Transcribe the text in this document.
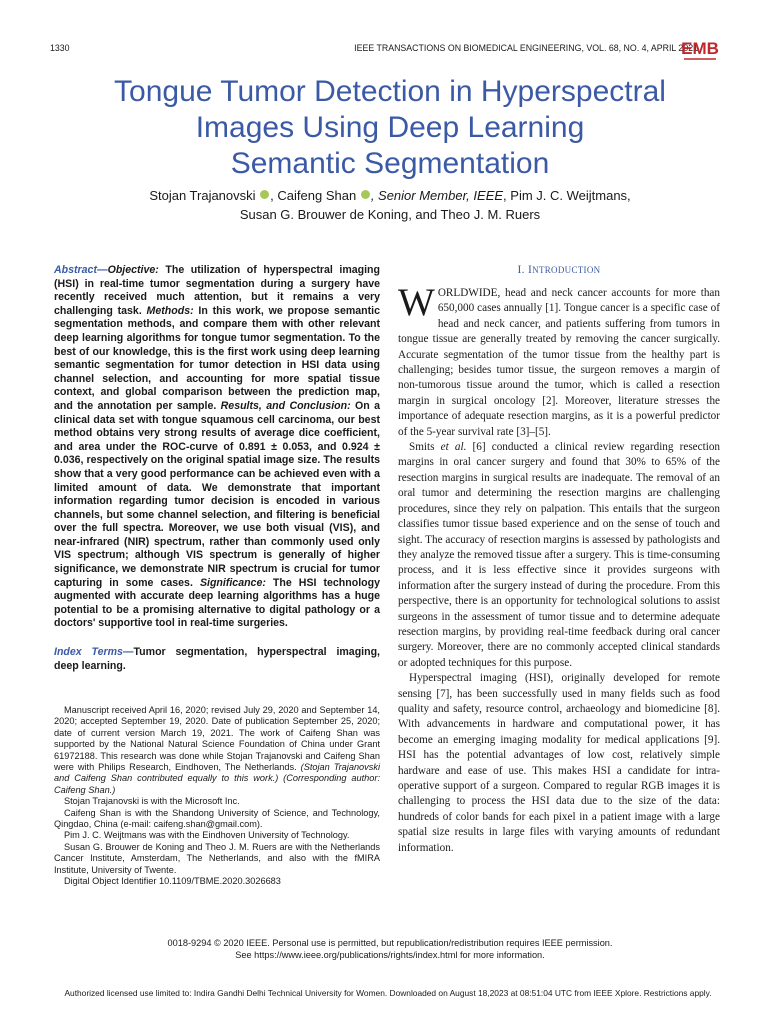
1330	IEEE TRANSACTIONS ON BIOMEDICAL ENGINEERING, VOL. 68, NO. 4, APRIL 2021
EMB
Tongue Tumor Detection in Hyperspectral
Images Using Deep Learning
Semantic Segmentation
Stojan Trajanovski , Caifeng Shan , Senior Member, IEEE, Pim J. C. Weijtmans,
Susan G. Brouwer de Koning, and Theo J. M. Ruers
Abstract—Objective: The utilization of hyperspectral imaging (HSI) in real-time tumor segmentation during a surgery have recently received much attention, but it remains a very challenging task. Methods: In this work, we propose semantic segmentation methods, and compare them with other relevant deep learning algorithms for tongue tumor segmentation. To the best of our knowledge, this is the first work using deep learning semantic segmentation for tumor detection in HSI data using channel selection, and accounting for more spatial tissue context, and global comparison between the prediction map, and the annotation per sample. Results, and Conclusion: On a clinical data set with tongue squamous cell carcinoma, our best method obtains very strong results of average dice coefficient, and area under the ROC-curve of 0.891 ± 0.053, and 0.924 ± 0.036, respectively on the original spatial image size. The results show that a very good performance can be achieved even with a limited amount of data. We demonstrate that important information regarding tumor decision is encoded in various channels, but some channel selection, and filtering is beneficial over the full spectra. Moreover, we use both visual (VIS), and near-infrared (NIR) spectrum, rather than commonly used only VIS spectrum; although VIS spectrum is generally of higher significance, we demonstrate NIR spectrum is crucial for tumor capturing in some cases. Significance: The HSI technology augmented with accurate deep learning algorithms has a huge potential to be a promising alternative to digital pathology or a doctors' supportive tool in real-time surgeries.
Index Terms—Tumor segmentation, hyperspectral imaging, deep learning.

Manuscript received April 16, 2020; revised July 29, 2020 and September 14, 2020; accepted September 19, 2020. Date of publication September 25, 2020; date of current version March 19, 2021. The work of Caifeng Shan was supported by the National Natural Science Foundation of China under Grant 61972188. This research was done while Stojan Trajanovski and Caifeng Shan were with Philips Research, Eindhoven, The Netherlands. (Stojan Trajanovski and Caifeng Shan contributed equally to this work.) (Corresponding author: Caifeng Shan.)

Stojan Trajanovski is with the Microsoft Inc.

Caifeng Shan is with the Shandong University of Science, and Technology, Qingdao, China (e-mail: caifeng.shan@gmail.com).

Pim J. C. Weijtmans was with the Eindhoven University of Technology.

Susan G. Brouwer de Koning and Theo J. M. Ruers are with the Netherlands Cancer Institute, Amsterdam, The Netherlands, and also with the fMIRA Institute, University of Twente.

Digital Object Identifier 10.1109/TBME.2020.3026683

I. INTRODUCTION

WORLDWIDE, head and neck cancer accounts for more than 650,000 cases annually [1]. Tongue cancer is a specific case of head and neck cancer, and patients suffering from tumors in tongue tissue are generally treated by removing the cancer surgically. Accurate segmentation of the tumor tissue from the healthy part is challenging; besides tumor tissue, the surgeon removes a margin of non-tumorous tissue around the tumor, which is called a resection margin in surgical oncology [2]. Moreover, literature stresses the importance of adequate resection margins, as it is a powerful predictor of the 5-year survival rate [3]–[5].

Smits et al. [6] conducted a clinical review regarding resection margins in oral cancer surgery and found that 30% to 65% of the resection margins in surgical results are inadequate. The removal of an oral tumor and determining the resection margins are challenging procedures, since they rely on palpation. This entails that the surgeon classifies tumor tissue based experience and on the sense of touch and sight. The accuracy of resection margins is assessed by pathologists and they analyze the removed tissue after a surgery. This is time-consuming process, and it is less effective since it provides surgeons with information after the surgery instead of during the procedure. From this perspective, there is an opportunity for technological solutions to assist surgeons in the assessment of tumor tissue and to determine adequate resection margins, by providing real-time feedback during oral cancer surgery. Moreover, there are no commonly accepted clinical standards or adopted techniques for this purpose.

Hyperspectral imaging (HSI), originally developed for remote sensing [7], has been successfully used in many fields such as food quality and safety, resource control, archaeology and biomedicine [8]. With advancements in hardware and computational power, it has become an emerging imaging modality for medical applications [9]. HSI has the potential advantages of low cost, relatively simple hardware and ease of use. This makes HSI a candidate for intra-operative support of a surgeon. Compared to regular RGB images it is challenging to process the HSI data due to the size of the data: hundreds of color bands for each pixel in a patient image with a large spatial size results in large files with varying amounts of redundant information.

0018-9294 © 2020 IEEE. Personal use is permitted, but republication/redistribution requires IEEE permission.
See https://www.ieee.org/publications/rights/index.html for more information.
Authorized licensed use limited to: Indira Gandhi Delhi Technical University for Women. Downloaded on August 18,2023 at 08:51:04 UTC from IEEE Xplore. Restrictions apply.
